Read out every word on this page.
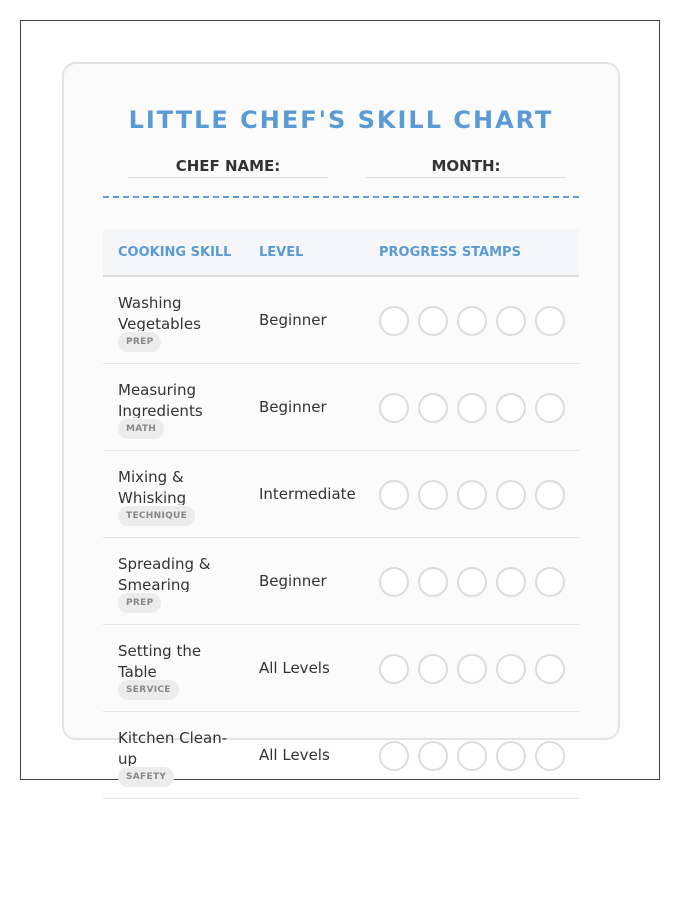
LITTLE CHEF'S SKILL CHART
CHEF NAME:	MONTH:
COOKING SKILL LEVEL	PROGRESS STAMPS
Washing Vegetables
PREP
Beginner
Measuring Ingredients
MATH
Beginner
Mixing & Whisking
TECHNIQUE
Intermediate
Spreading & Smearing
PREP
Beginner
Setting the Table
SERVICE
All Levels
Kitchen Clean-up
SAFETY
All Levels
